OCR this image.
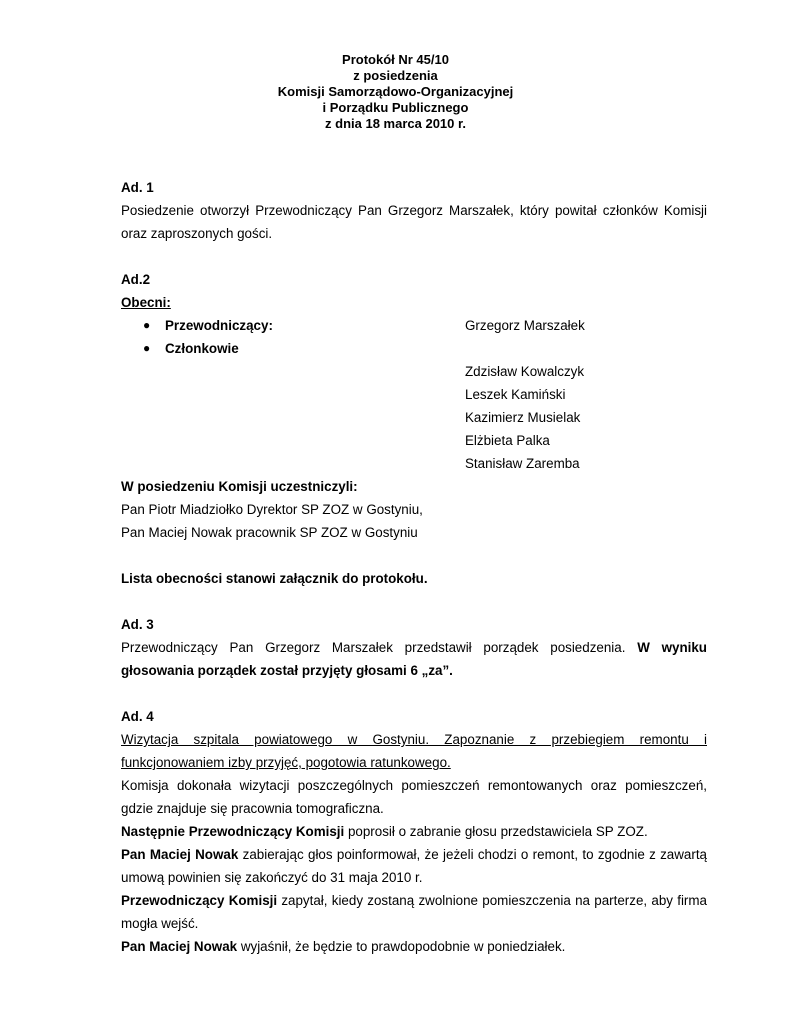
Protokół Nr 45/10
z posiedzenia
Komisji Samorządowo-Organizacyjnej
i Porządku Publicznego
z dnia 18 marca 2010 r.
Ad. 1
Posiedzenie otworzył Przewodniczący Pan Grzegorz Marszałek, który powitał członków Komisji
oraz zaproszonych gości.
Ad.2
Obecni:
● Przewodniczący:	Grzegorz Marszałek
● Członkowie
Zdzisław Kowalczyk
Leszek Kamiński
Kazimierz Musielak
Elżbieta Palka
Stanisław Zaremba
W posiedzeniu Komisji uczestniczyli:
Pan Piotr Miadziołko Dyrektor SP ZOZ w Gostyniu,
Pan Maciej Nowak pracownik SP ZOZ w Gostyniu
Lista obecności stanowi załącznik do protokołu.
Ad. 3
Przewodniczący Pan Grzegorz Marszałek przedstawił porządek posiedzenia. W wyniku
głosowania porządek został przyjęty głosami 6 „za”.
Ad. 4
Wizytacja szpitala powiatowego w Gostyniu. Zapoznanie z przebiegiem remontu i
funkcjonowaniem izby przyjęć, pogotowia ratunkowego.
Komisja dokonała wizytacji poszczególnych pomieszczeń remontowanych oraz pomieszczeń,
gdzie znajduje się pracownia tomograficzna.
Następnie Przewodniczący Komisji poprosił o zabranie głosu przedstawiciela SP ZOZ.
Pan Maciej Nowak zabierając głos poinformował, że jeżeli chodzi o remont, to zgodnie z zawartą
umową powinien się zakończyć do 31 maja 2010 r.
Przewodniczący Komisji zapytał, kiedy zostaną zwolnione pomieszczenia na parterze, aby firma
mogła wejść.
Pan Maciej Nowak wyjaśnił, że będzie to prawdopodobnie w poniedziałek.
